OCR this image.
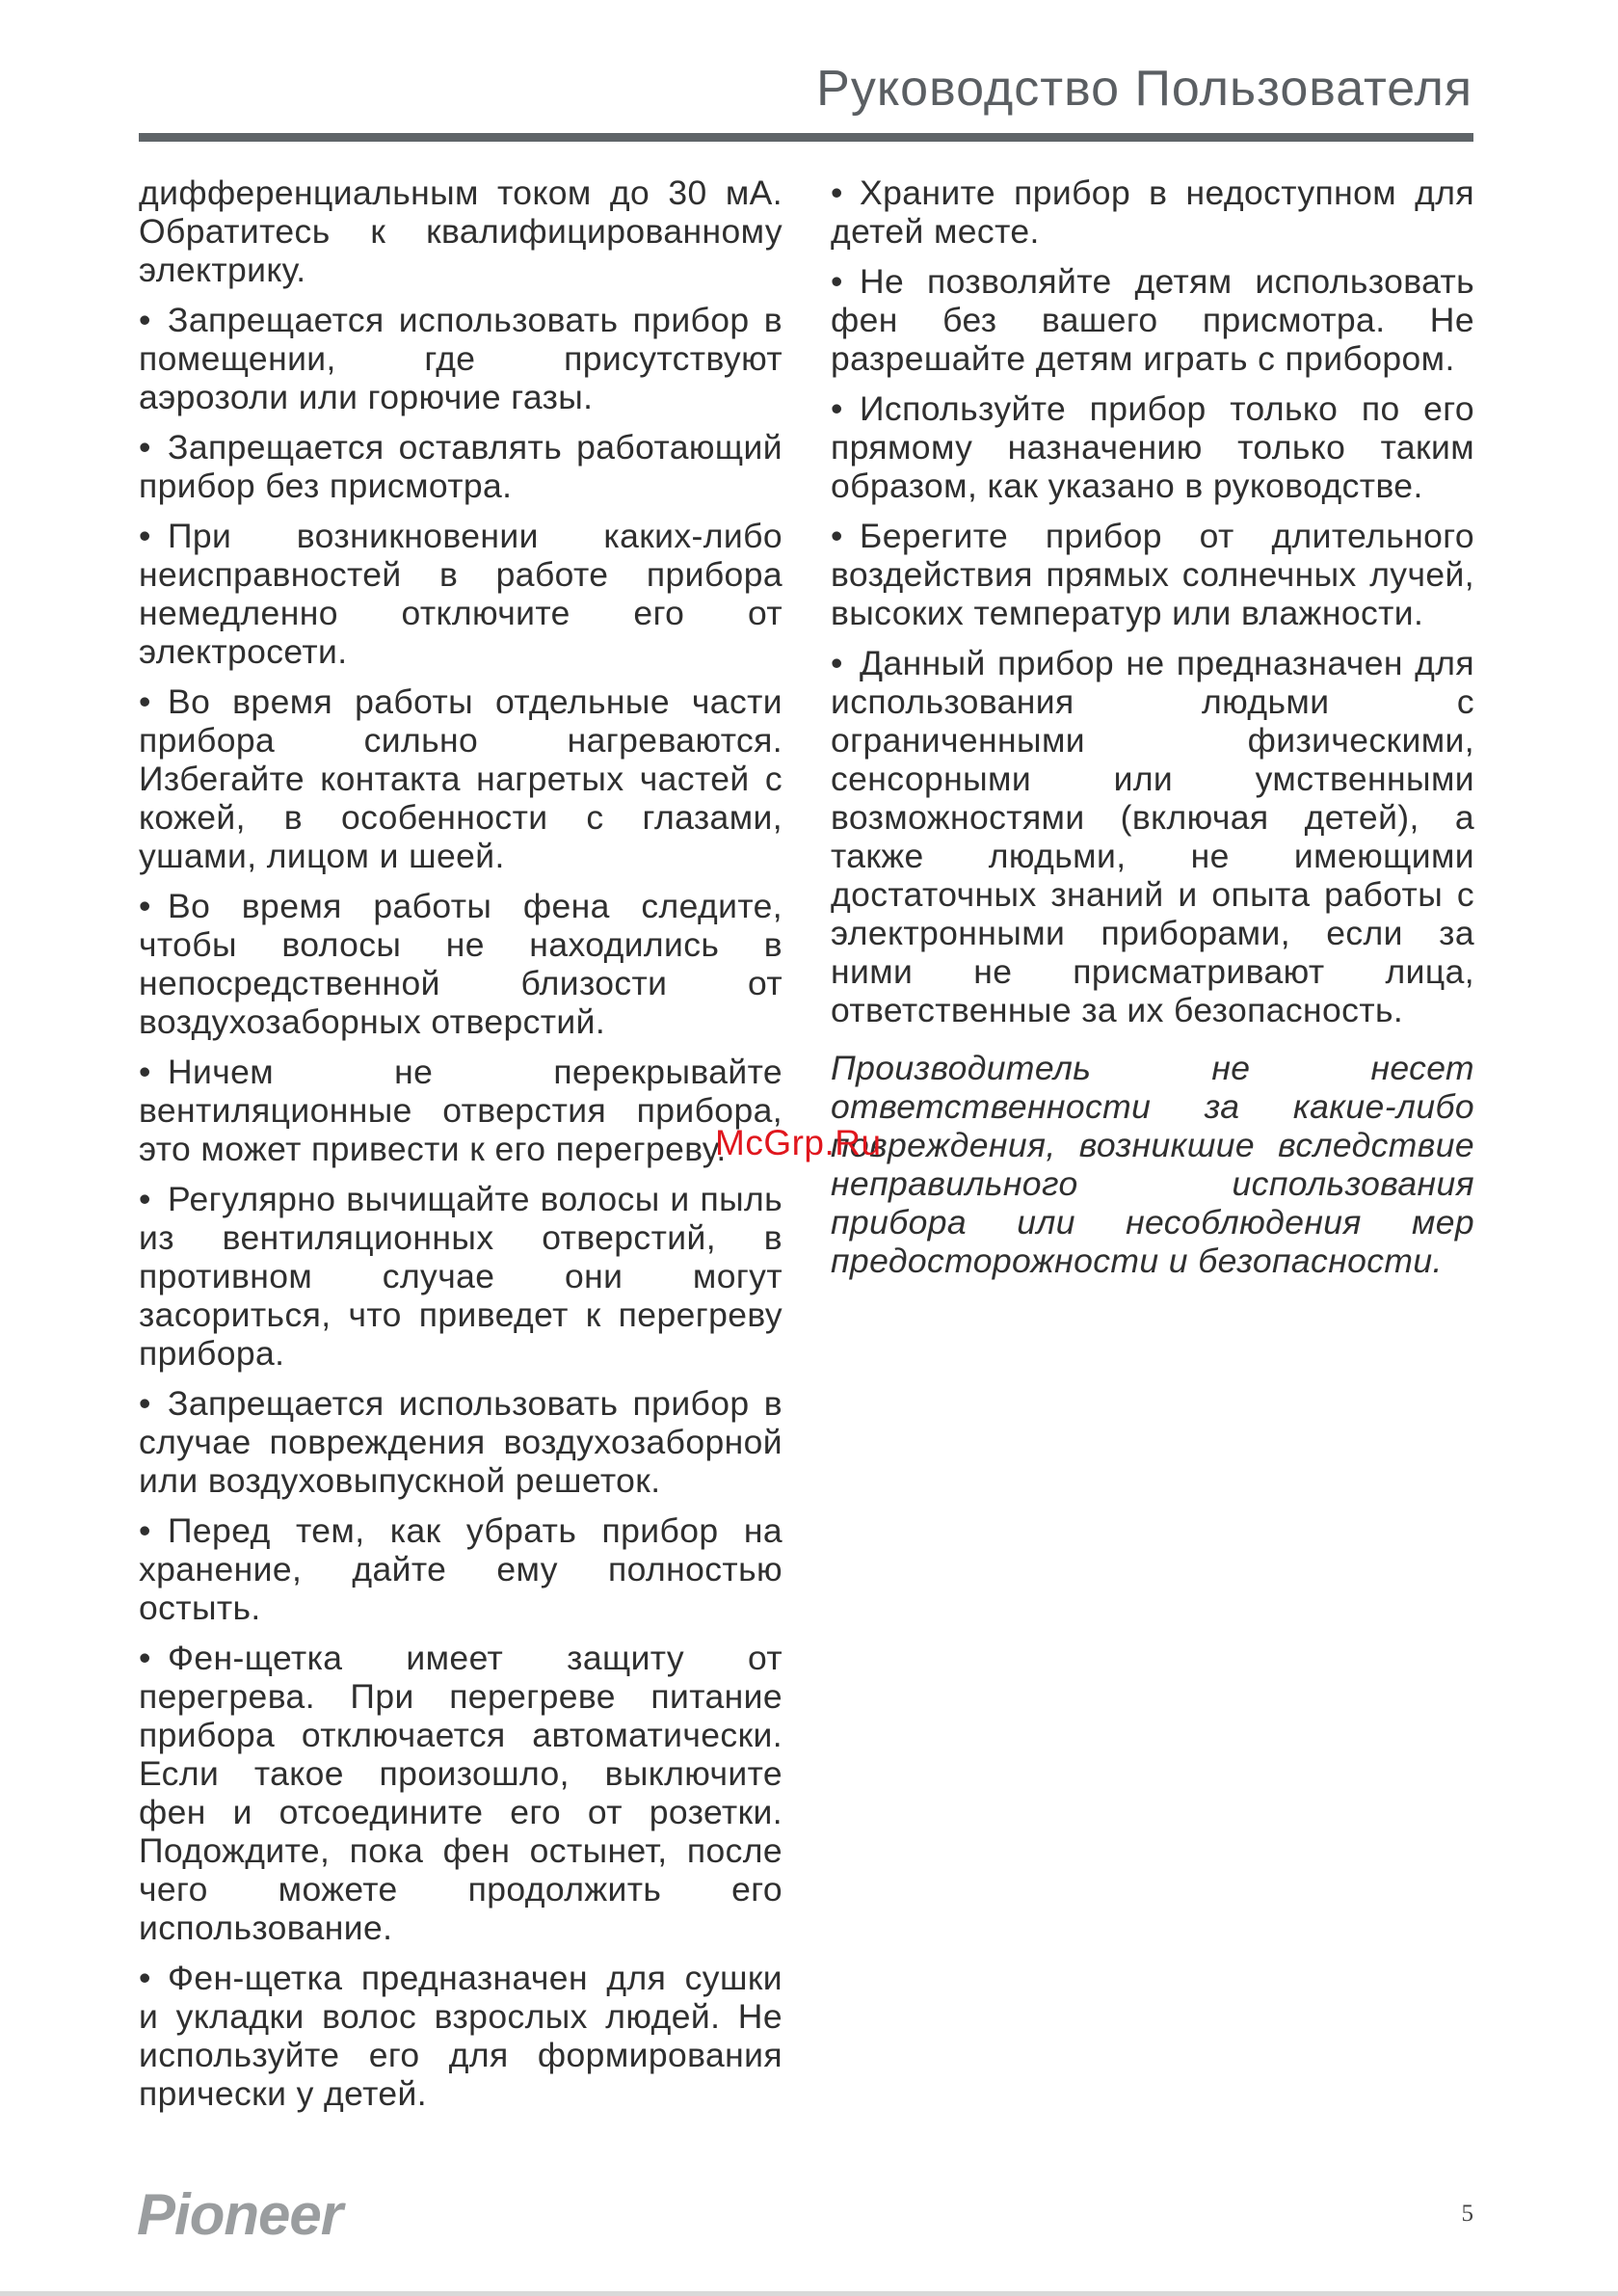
Руководство Пользователя

дифференциальным током до 30 мА. Обратитесь к квалифицированному электрику.

• Запрещается использовать прибор в помещении, где присутствуют аэрозоли или горючие газы.

• Запрещается оставлять работающий прибор без присмотра.

• При возникновении каких-либо неисправностей в работе прибора немедленно отключите его от электросети.

• Во время работы отдельные части прибора сильно нагреваются. Избегайте контакта нагретых частей с кожей, в особенности с глазами, ушами, лицом и шеей.

• Во время работы фена следите, чтобы волосы не находились в непосредственной близости от воздухозаборных отверстий.

• Ничем не перекрывайте вентиляционные отверстия прибора, это может привести к его перегреву.

• Регулярно вычищайте волосы и пыль из вентиляционных отверстий, в противном случае они могут засориться, что приведет к перегреву прибора.

• Запрещается использовать прибор в случае повреждения воздухозаборной или воздуховыпускной решеток.

• Перед тем, как убрать прибор на хранение, дайте ему полностью остыть.

• Фен-щетка имеет защиту от перегрева. При перегреве питание прибора отключается автоматически. Если такое произошло, выключите фен и отсоедините его от розетки. Подождите, пока фен остынет, после чего можете продолжить его использование.

• Фен-щетка предназначен для сушки и укладки волос взрослых людей. Не используйте его для формирования прически у детей.

• Храните прибор в недоступном для детей месте.

• Не позволяйте детям использовать фен без вашего присмотра. Не разрешайте детям играть с прибором.

• Используйте прибор только по его прямому назначению только таким образом, как указано в руководстве.

• Берегите прибор от длительного воздействия прямых солнечных лучей, высоких температур или влажности.

• Данный прибор не предназначен для использования людьми с ограниченными физическими, сенсорными или умственными возможностями (включая детей), а также людьми, не имеющими достаточных знаний и опыта работы с электронными приборами, если за ними не присматривают лица, ответственные за их безопасность.

Производитель не несет ответственности за какие-либо повреждения, возникшие вследствие неправильного использования прибора или несоблюдения мер предосторожности и безопасности.

McGrp.Ru
Pioneer	5
